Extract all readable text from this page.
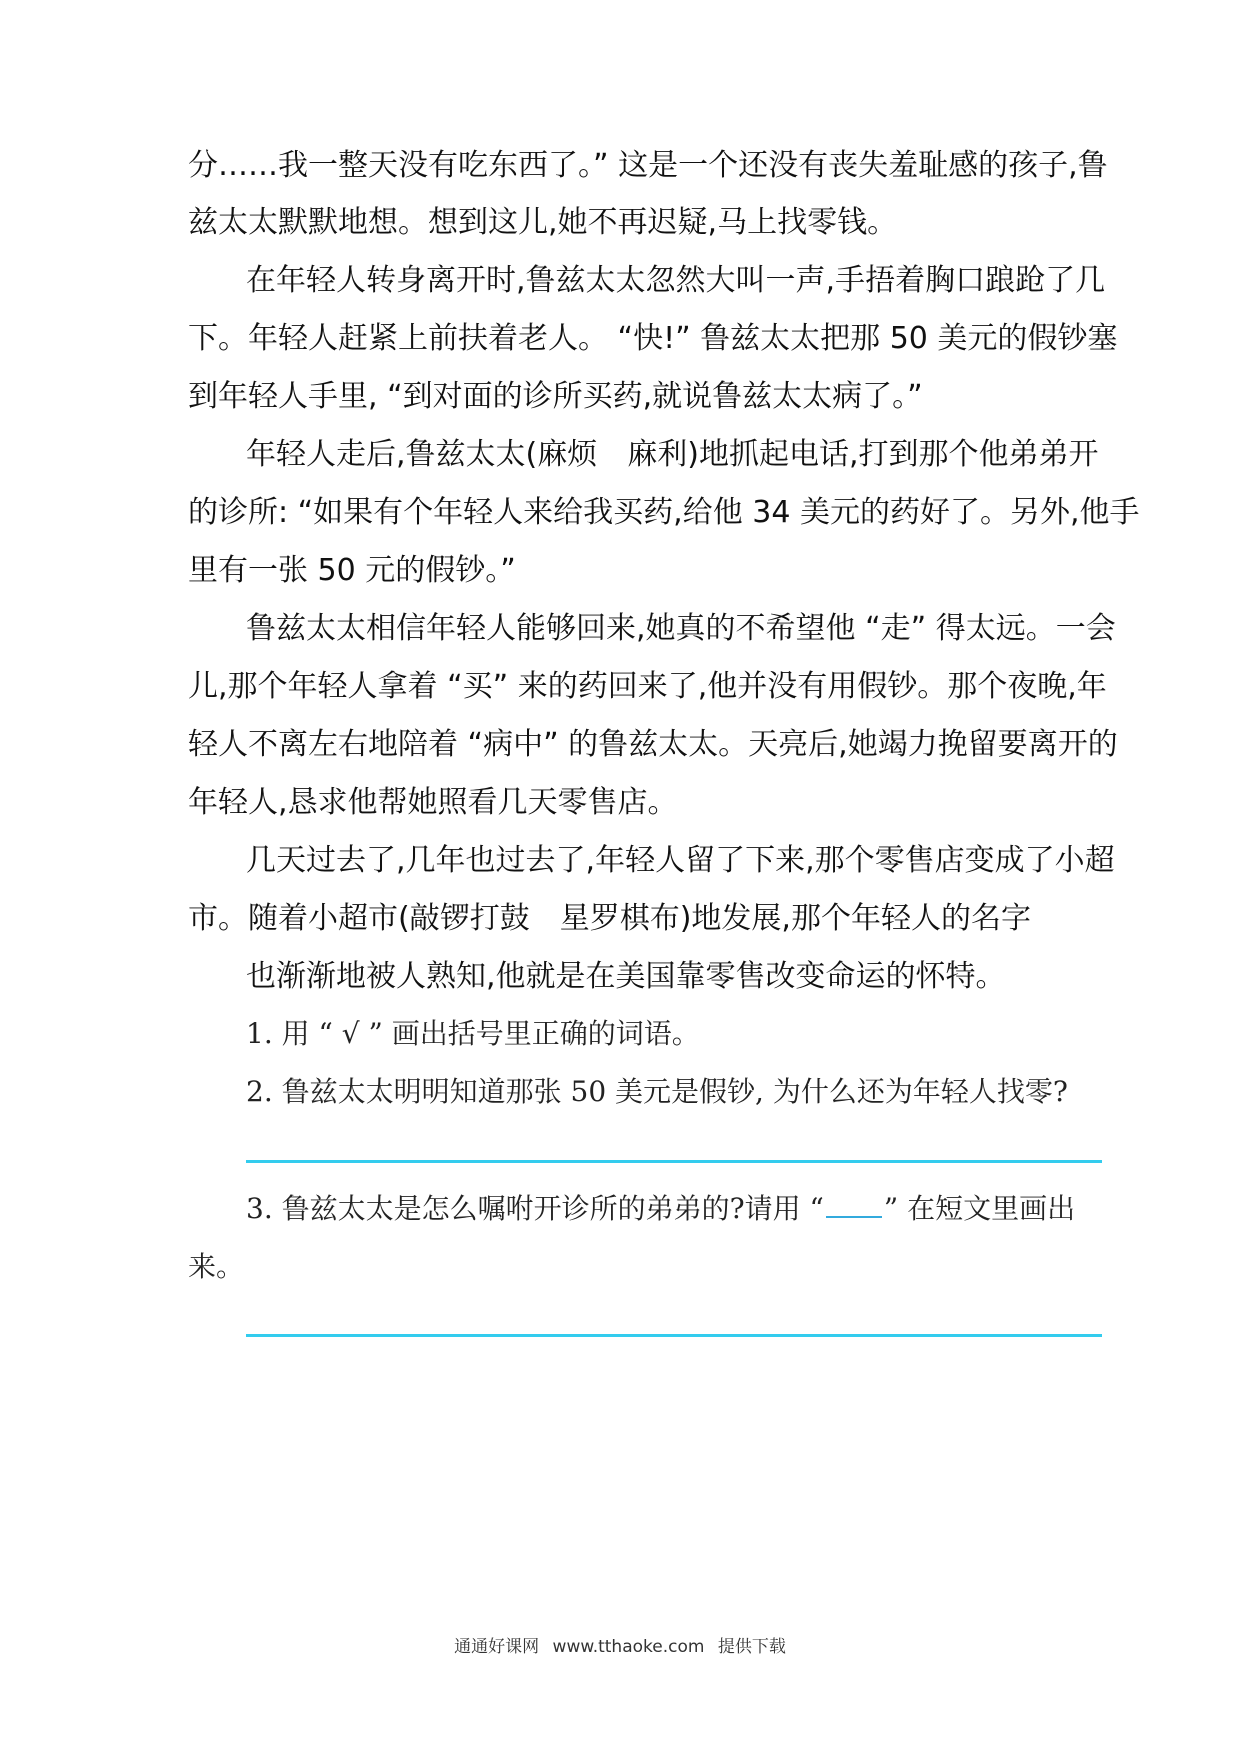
分……我一整天没有吃东西了。” 这是一个还没有丧失羞耻感的孩子,鲁
兹太太默默地想。想到这儿,她不再迟疑,马上找零钱。
在年轻人转身离开时,鲁兹太太忽然大叫一声,手捂着胸口踉跄了几
下。年轻人赶紧上前扶着老人。 “快!” 鲁兹太太把那 50 美元的假钞塞
到年轻人手里, “到对面的诊所买药,就说鲁兹太太病了。”
年轻人走后,鲁兹太太(麻烦　麻利)地抓起电话,打到那个他弟弟开
的诊所: “如果有个年轻人来给我买药,给他 34 美元的药好了。另外,他手
里有一张 50 元的假钞。”
鲁兹太太相信年轻人能够回来,她真的不希望他 “走” 得太远。一会
儿,那个年轻人拿着 “买” 来的药回来了,他并没有用假钞。那个夜晚,年
轻人不离左右地陪着 “病中” 的鲁兹太太。天亮后,她竭力挽留要离开的
年轻人,恳求他帮她照看几天零售店。
几天过去了,几年也过去了,年轻人留了下来,那个零售店变成了小超
市。随着小超市(敲锣打鼓　星罗棋布)地发展,那个年轻人的名字
也渐渐地被人熟知,他就是在美国靠零售改变命运的怀特。
1. 用 “ √ ” 画出括号里正确的词语。
2. 鲁兹太太明明知道那张 50 美元是假钞, 为什么还为年轻人找零?
3. 鲁兹太太是怎么嘱咐开诊所的弟弟的?请用 “ ” 在短文里画出
来。
通通好课网 www.tthaoke.com 提供下载
